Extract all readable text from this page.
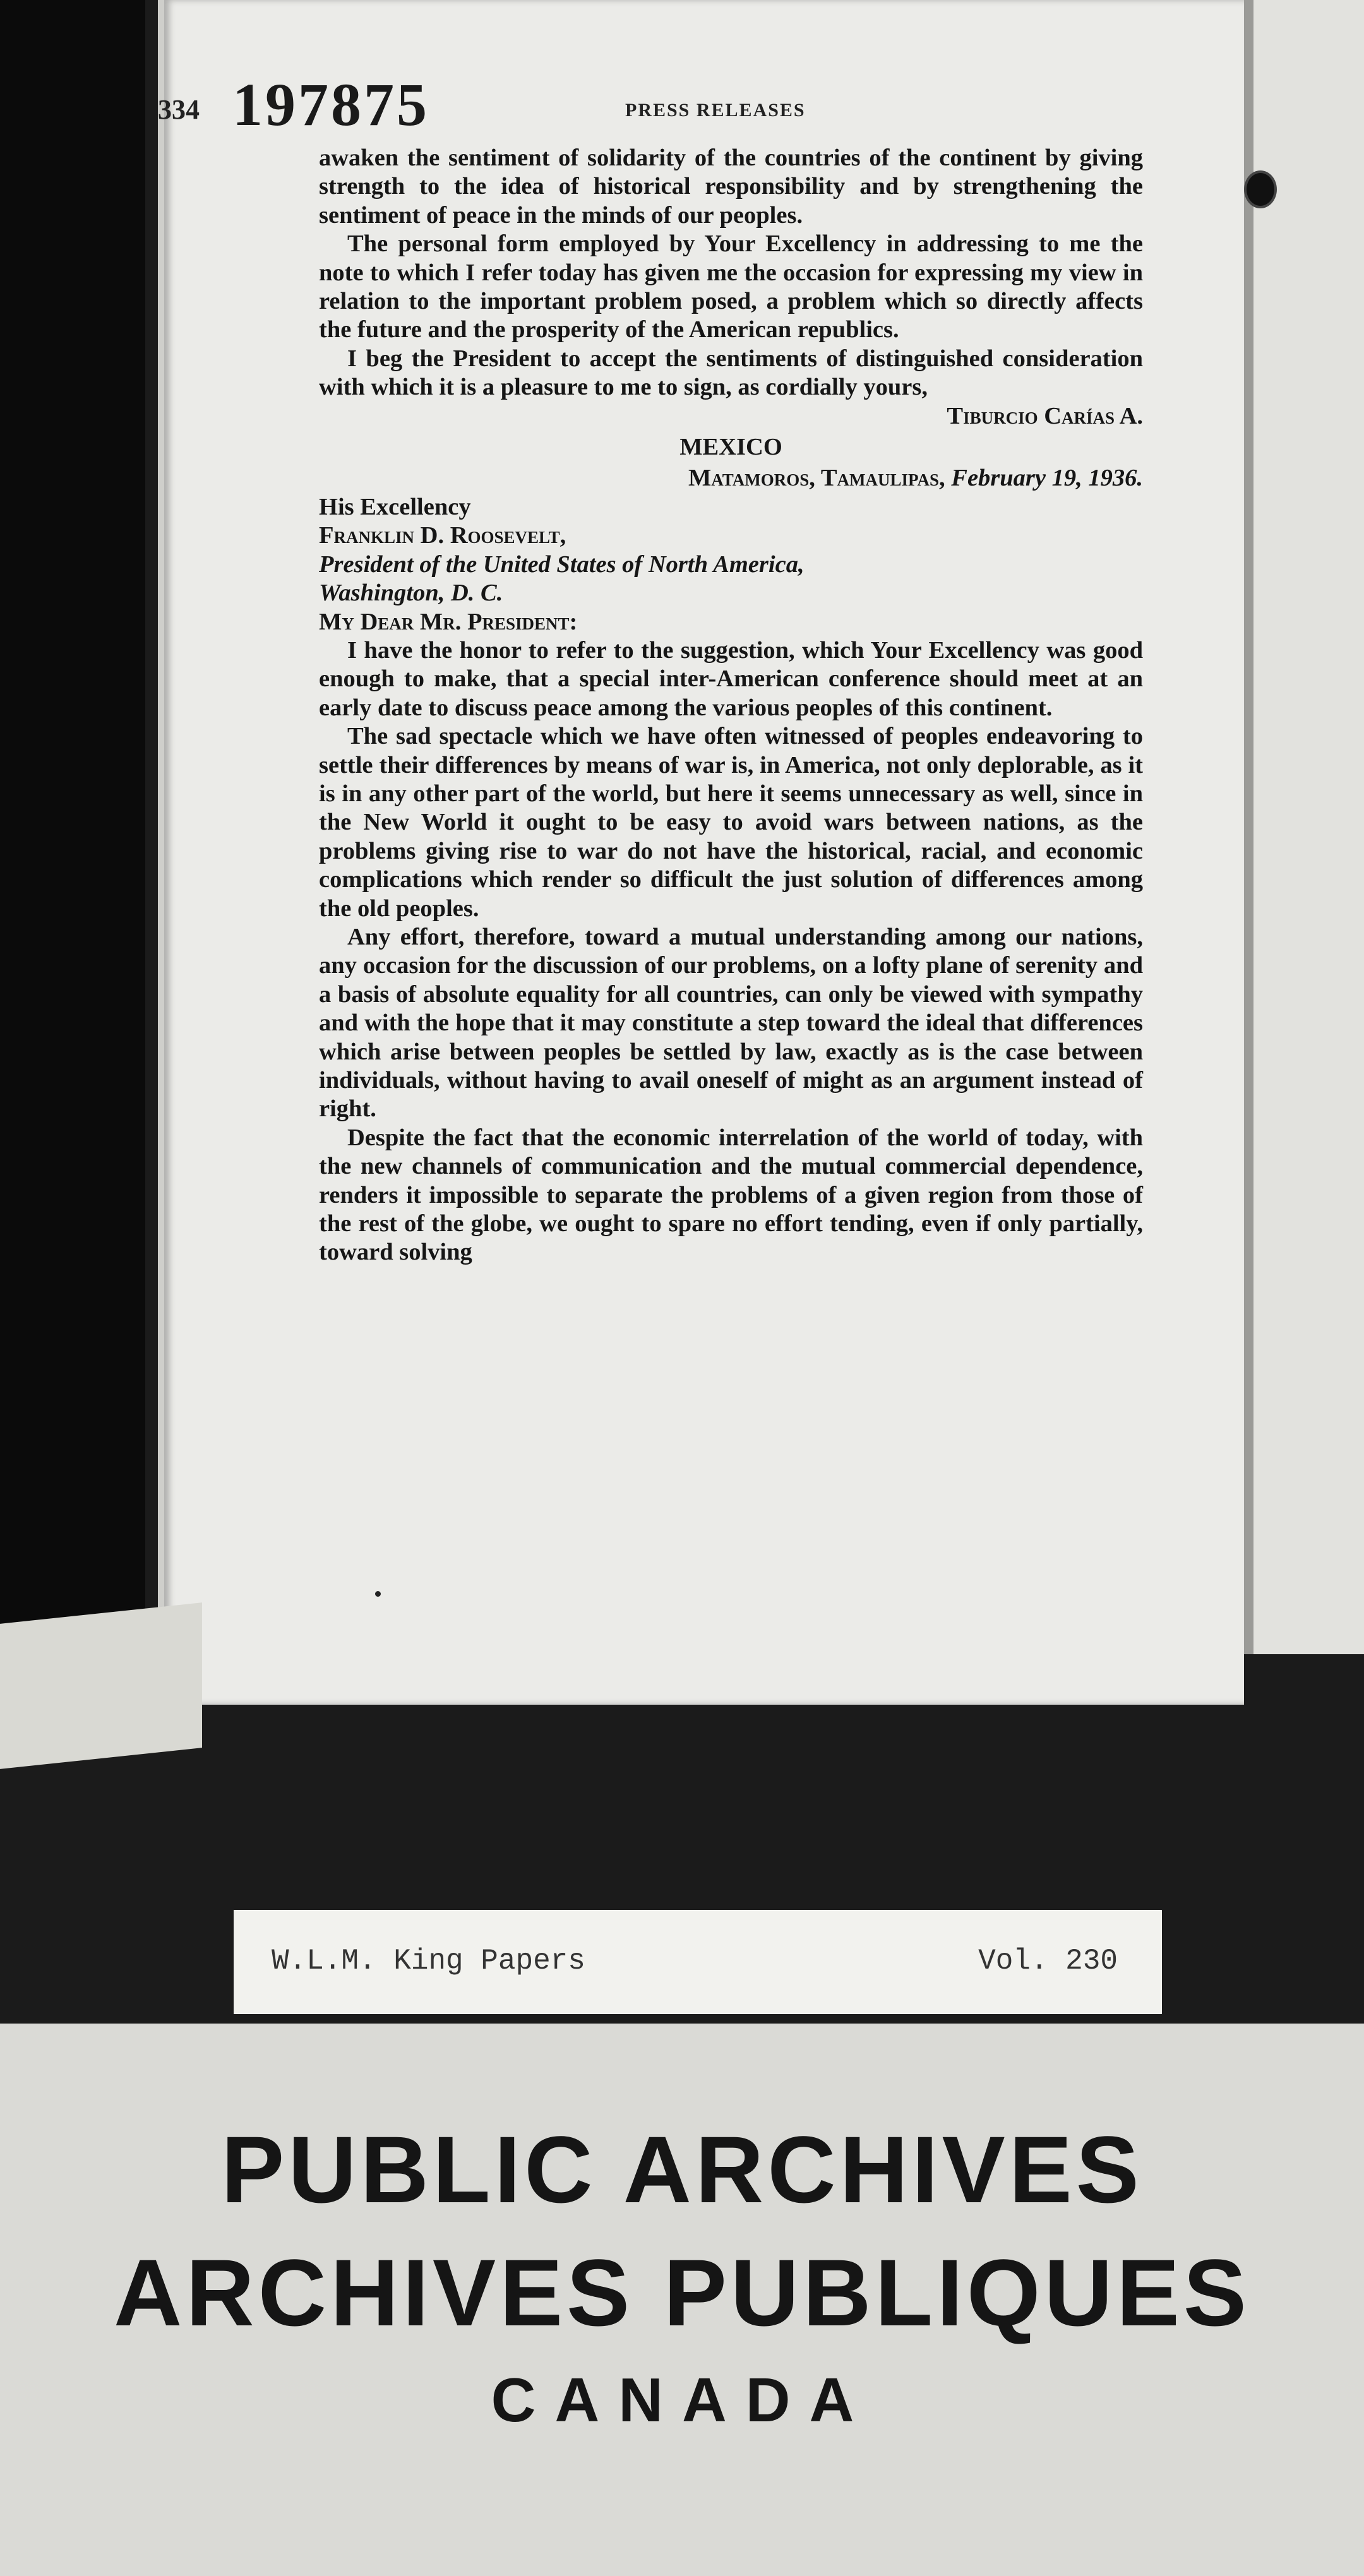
334 197875	PRESS RELEASES

awaken the sentiment of solidarity of the countries of the continent by giving strength to the idea of historical responsibility and by strengthening the sentiment of peace in the minds of our peoples.

The personal form employed by Your Excellency in addressing to me the note to which I refer today has given me the occasion for expressing my view in relation to the important problem posed, a problem which so directly affects the future and the prosperity of the American republics.

I beg the President to accept the sentiments of distinguished consideration with which it is a pleasure to me to sign, as cordially yours,

Tiburcio Carías A.

MEXICO

Matamoros, Tamaulipas, February 19, 1936.

His Excellency

Franklin D. Roosevelt,

President of the United States of North America,

Washington, D. C.

My Dear Mr. President:

I have the honor to refer to the suggestion, which Your Excellency was good enough to make, that a special inter-American conference should meet at an early date to discuss peace among the various peoples of this continent.

The sad spectacle which we have often witnessed of peoples endeavoring to settle their differences by means of war is, in America, not only deplorable, as it is in any other part of the world, but here it seems unnecessary as well, since in the New World it ought to be easy to avoid wars between nations, as the problems giving rise to war do not have the historical, racial, and economic complications which render so difficult the just solution of differences among the old peoples.

Any effort, therefore, toward a mutual understanding among our nations, any occasion for the discussion of our problems, on a lofty plane of serenity and a basis of absolute equality for all countries, can only be viewed with sympathy and with the hope that it may constitute a step toward the ideal that differences which arise between peoples be settled by law, exactly as is the case between individuals, without having to avail oneself of might as an argument instead of right.

Despite the fact that the economic interrelation of the world of today, with the new channels of communication and the mutual commercial dependence, renders it impossible to separate the problems of a given region from those of the rest of the globe, we ought to spare no effort tending, even if only partially, toward solving

W.L.M. King Papers	Vol. 230
PUBLIC ARCHIVES
ARCHIVES PUBLIQUES
CANADA
